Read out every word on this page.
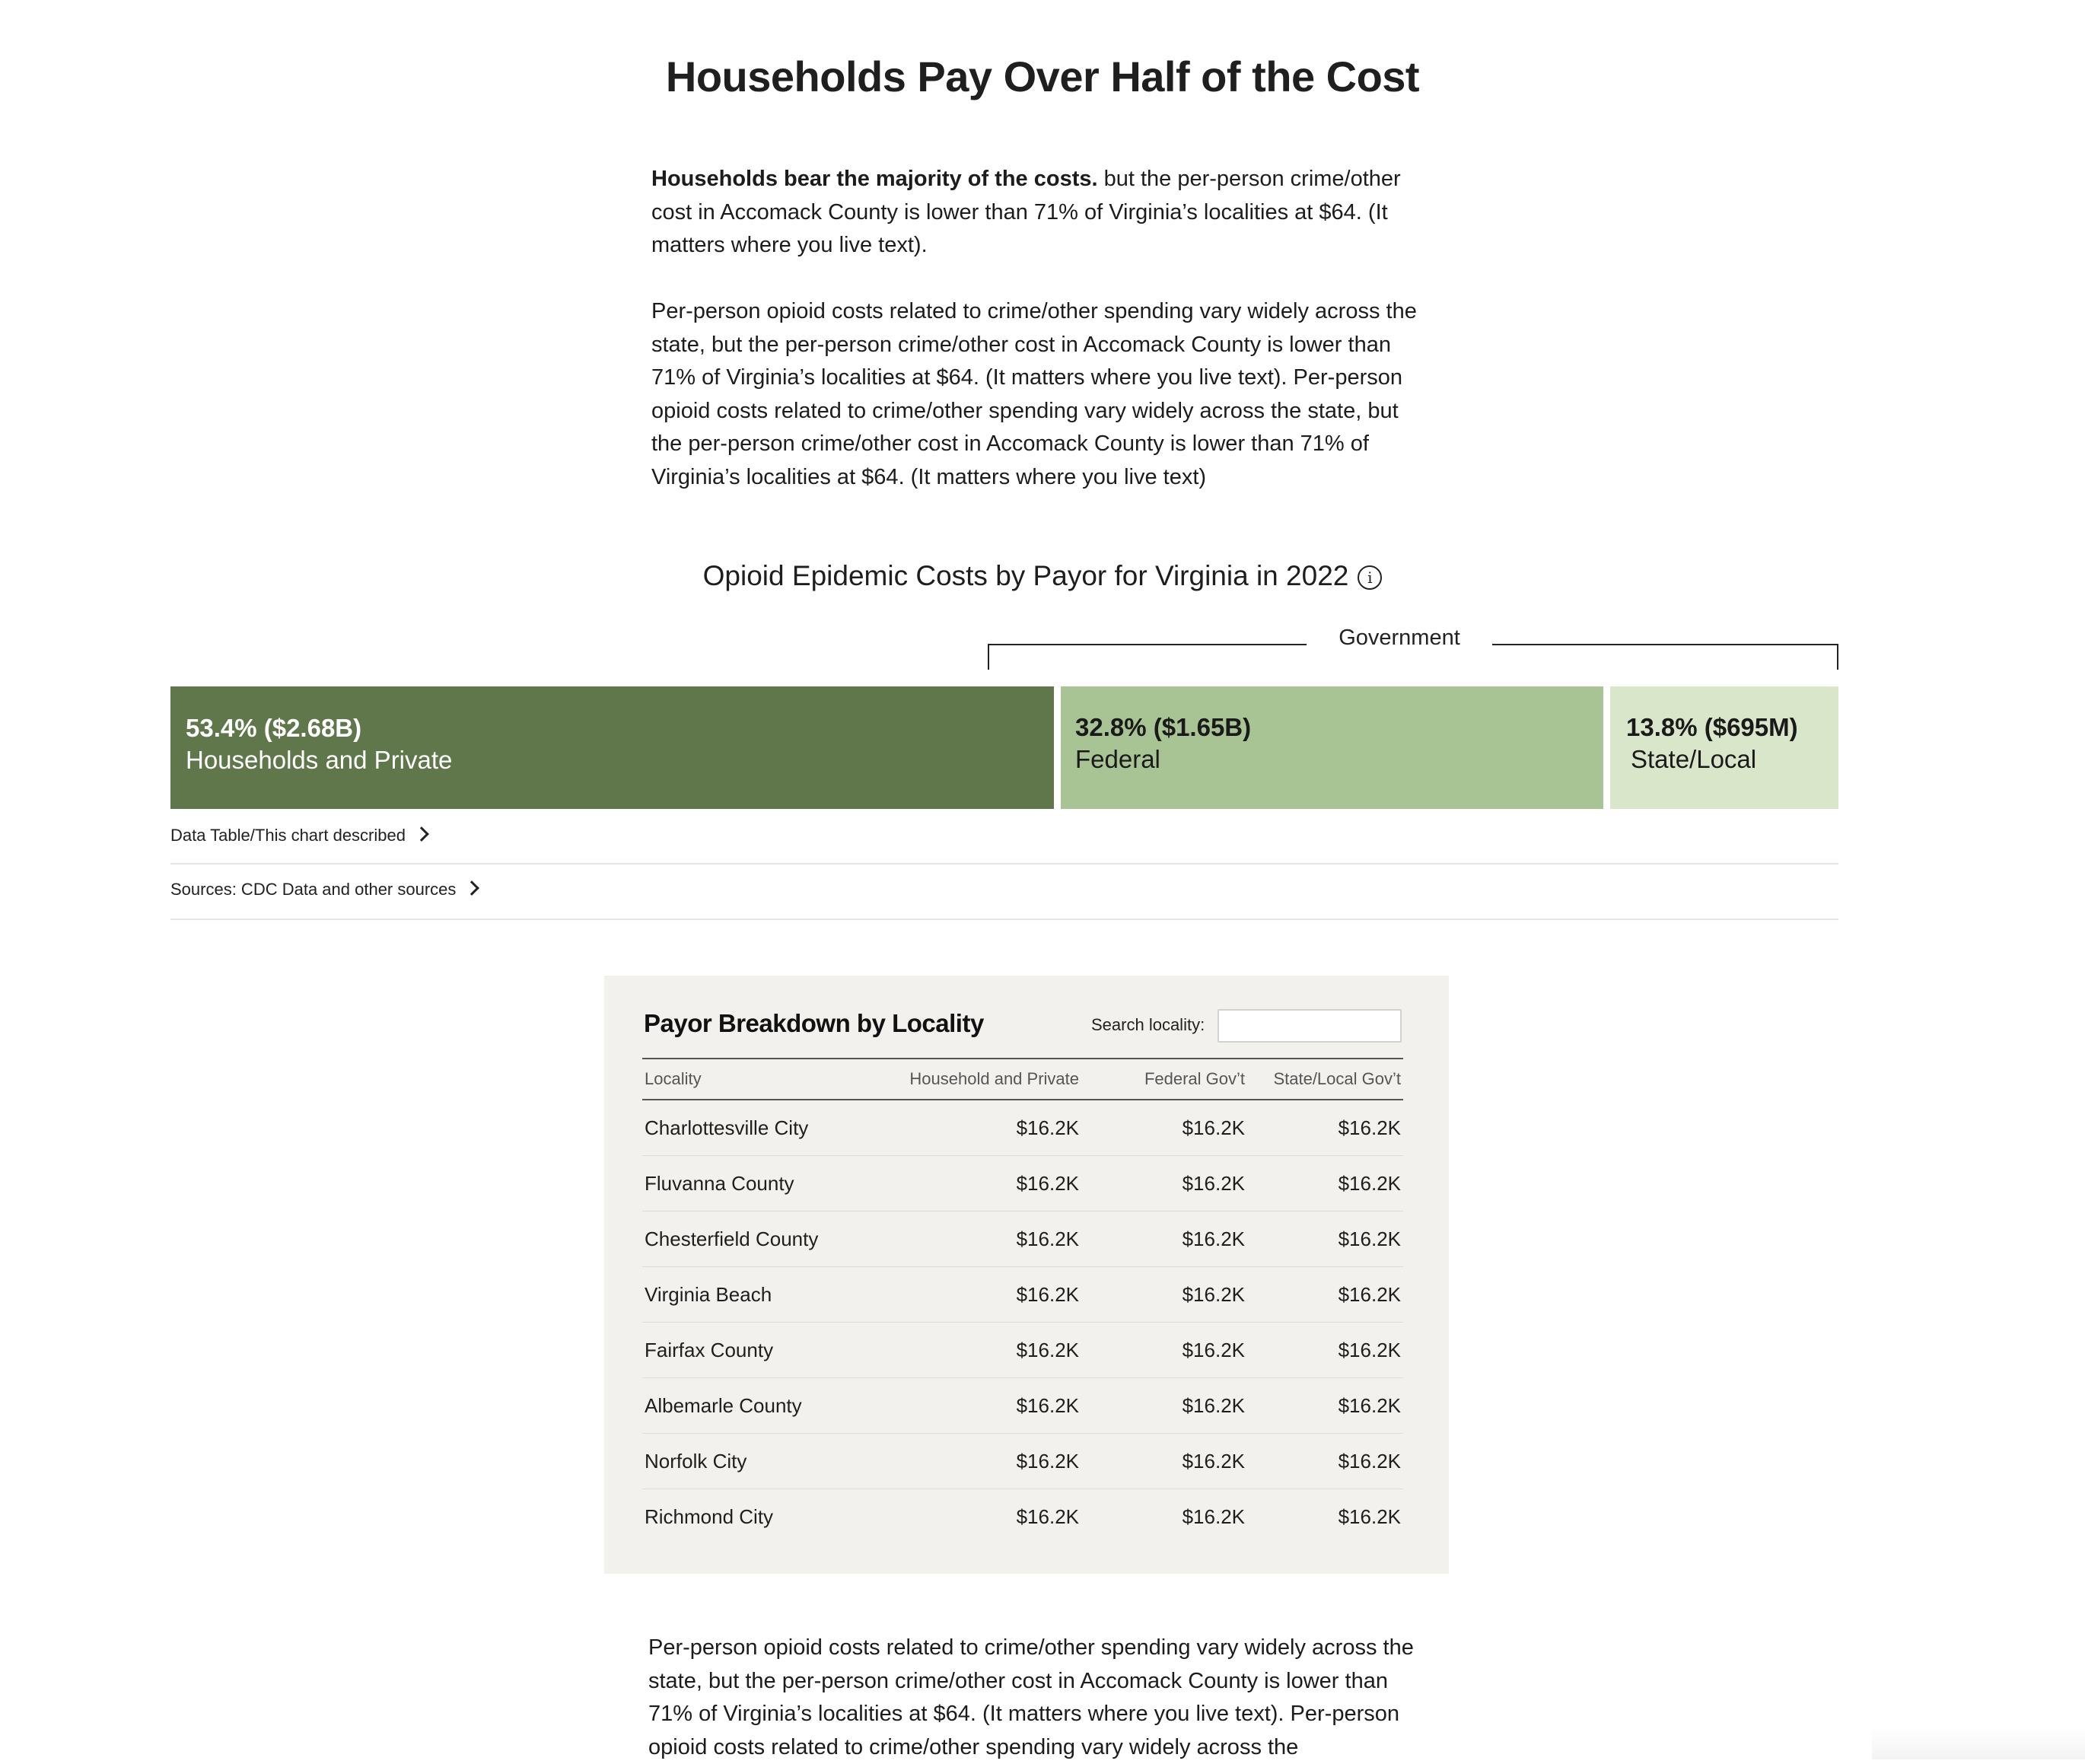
Households Pay Over Half of the Cost
Households bear the majority of the costs. but the per-person crime/other cost in Accomack County is lower than 71% of Virginia’s localities at $64. (It matters where you live text).
Per-person opioid costs related to crime/other spending vary widely across the state, but the per-person crime/other cost in Accomack County is lower than 71% of Virginia’s localities at $64. (It matters where you live text). Per-person opioid costs related to crime/other spending vary widely across the state, but the per-person crime/other cost in Accomack County is lower than 71% of Virginia’s localities at $64. (It matters where you live text)
Opioid Epidemic Costs by Payor for Virginia in 2022 i
Government
53.4% ($2.68B)
Households and Private
32.8% ($1.65B)
Federal
13.8% ($695M)
State/Local
Data Table/This chart described
Sources: CDC Data and other sources
Payor Breakdown by Locality	Search locality:
Locality	Household and Private	Federal Gov’t	State/Local Gov’t
Charlottesville City	$16.2K	$16.2K	$16.2K
Fluvanna County	$16.2K	$16.2K	$16.2K
Chesterfield County	$16.2K	$16.2K	$16.2K
Virginia Beach	$16.2K	$16.2K	$16.2K
Fairfax County	$16.2K	$16.2K	$16.2K
Albemarle County	$16.2K	$16.2K	$16.2K
Norfolk City	$16.2K	$16.2K	$16.2K
Richmond City	$16.2K	$16.2K	$16.2K
Per-person opioid costs related to crime/other spending vary widely across the state, but the per-person crime/other cost in Accomack County is lower than 71% of Virginia’s localities at $64. (It matters where you live text). Per-person opioid costs related to crime/other spending vary widely across the
